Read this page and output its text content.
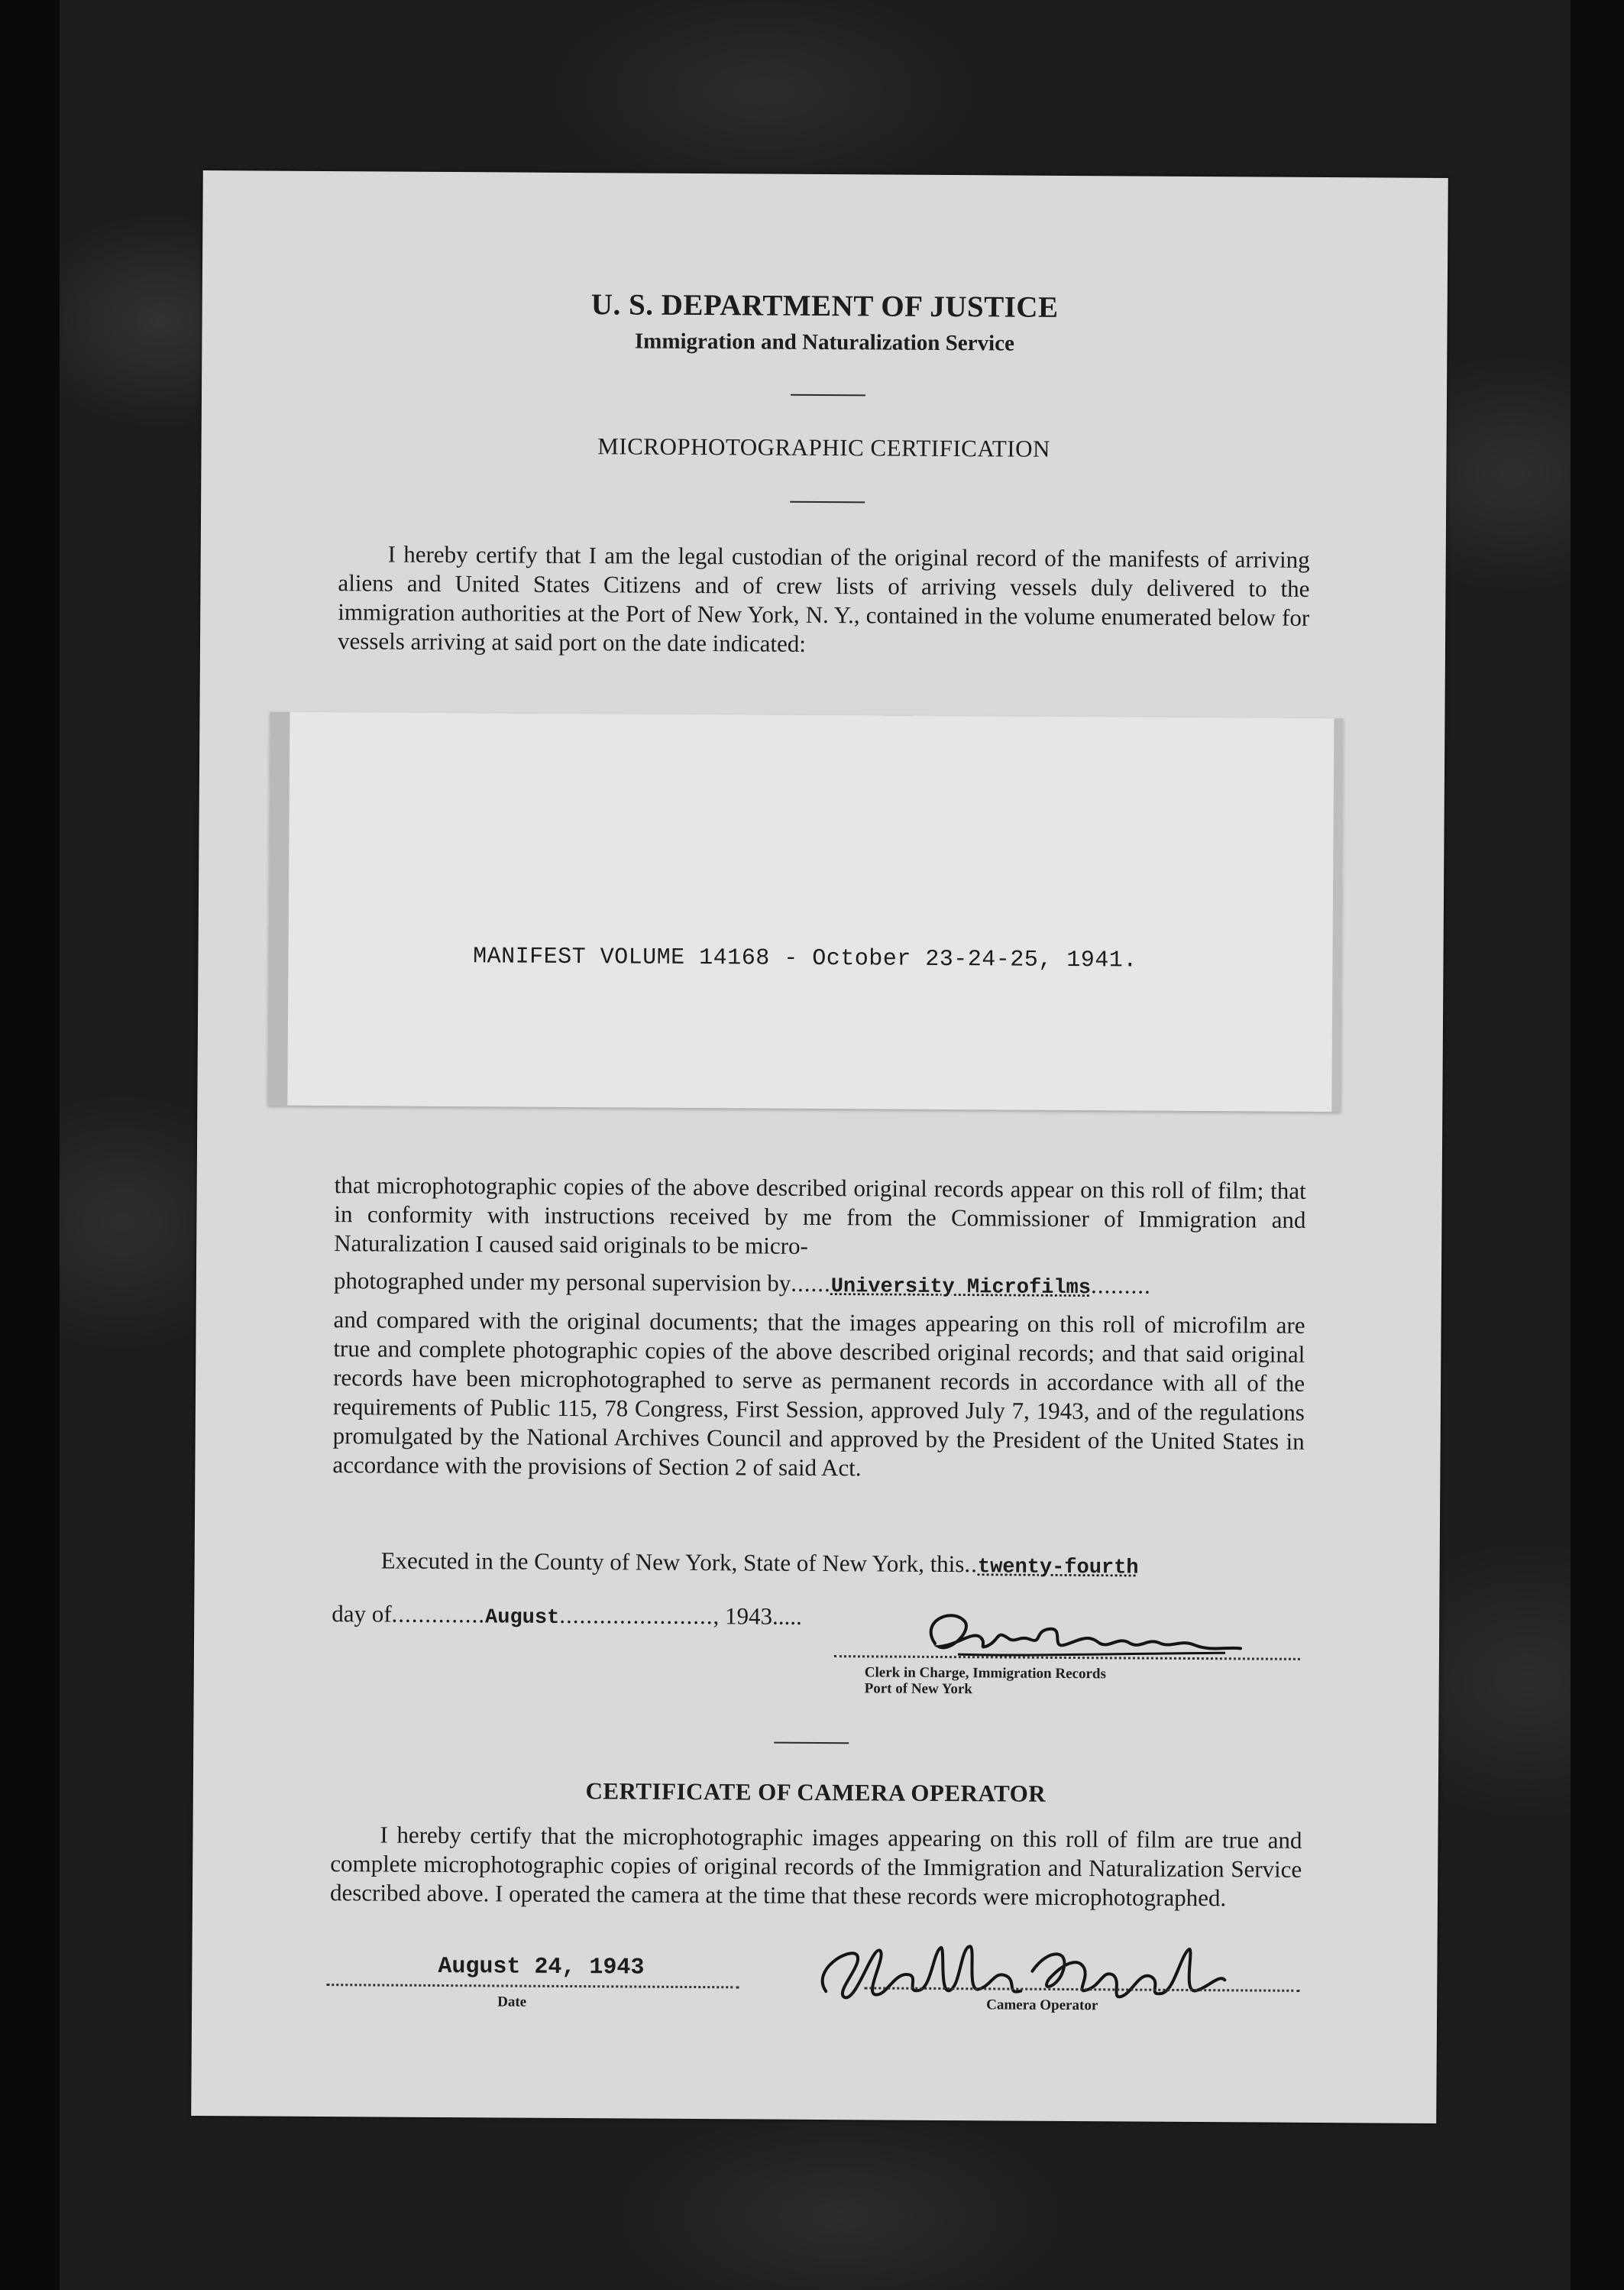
U. S. DEPARTMENT OF JUSTICE
Immigration and Naturalization Service
MICROPHOTOGRAPHIC CERTIFICATION
I hereby certify that I am the legal custodian of the original record of the manifests of arriving aliens and United States Citizens and of crew lists of arriving vessels duly delivered to the immigration authorities at the Port of New York, N. Y., contained in the volume enumerated below for vessels arriving at said port on the date indicated:
MANIFEST VOLUME 14168 - October 23-24-25, 1941.
that microphotographic copies of the above described original records appear on this roll of film; that in conformity with instructions received by me from the Commissioner of Immigration and Naturalization I caused said originals to be micro-
photographed under my personal supervision by......University Microfilms.........
and compared with the original documents; that the images appearing on this roll of microfilm are true and complete photographic copies of the above described original records; and that said original records have been microphotographed to serve as permanent records in accordance with all of the requirements of Public 115, 78 Congress, First Session, approved July 7, 1943, and of the regulations promulgated by the National Archives Council and approved by the President of the United States in accordance with the provisions of Section 2 of said Act.
Executed in the County of New York, State of New York, this..twenty-fourth
day of..............August......................., 1943.....
Clerk in Charge, Immigration Records
Port of New York
CERTIFICATE OF CAMERA OPERATOR
I hereby certify that the microphotographic images appearing on this roll of film are true and complete microphotographic copies of original records of the Immigration and Naturalization Service described above. I operated the camera at the time that these records were microphotographed.
August 24, 1943
Date	Camera Operator
